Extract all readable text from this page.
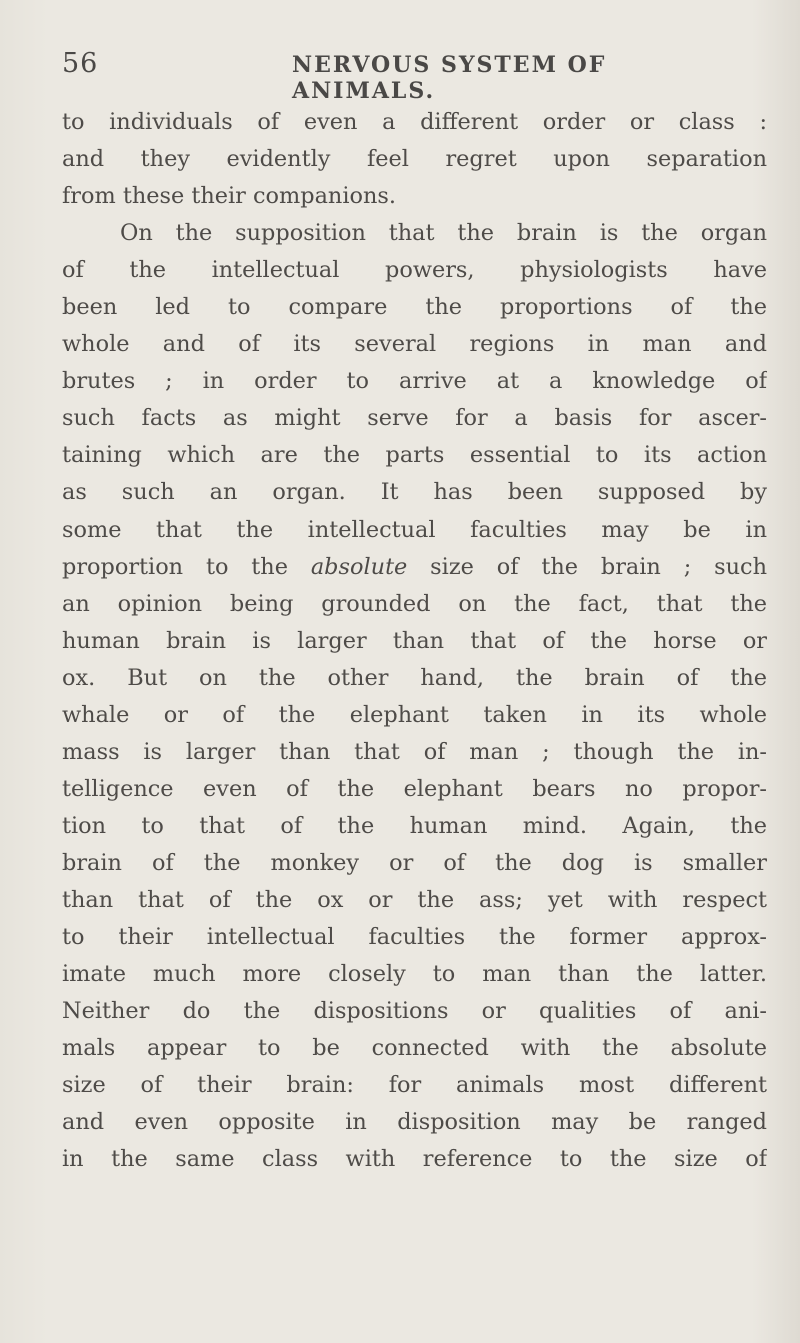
56	NERVOUS SYSTEM OF ANIMALS.
to individuals of even a different order or class :
and they evidently feel regret upon separation
from these their companions.
On the supposition that the brain is the organ
of the intellectual powers, physiologists have
been led to compare the proportions of the
whole and of its several regions in man and
brutes ; in order to arrive at a knowledge of
such facts as might serve for a basis for ascer-
taining which are the parts essential to its action
as such an organ. It has been supposed by
some that the intellectual faculties may be in
proportion to the absolute size of the brain ; such
an opinion being grounded on the fact, that the
human brain is larger than that of the horse or
ox. But on the other hand, the brain of the
whale or of the elephant taken in its whole
mass is larger than that of man ; though the in-
telligence even of the elephant bears no propor-
tion to that of the human mind. Again, the
brain of the monkey or of the dog is smaller
than that of the ox or the ass; yet with respect
to their intellectual faculties the former approx-
imate much more closely to man than the latter.
Neither do the dispositions or qualities of ani-
mals appear to be connected with the absolute
size of their brain: for animals most different
and even opposite in disposition may be ranged
in the same class with reference to the size of
